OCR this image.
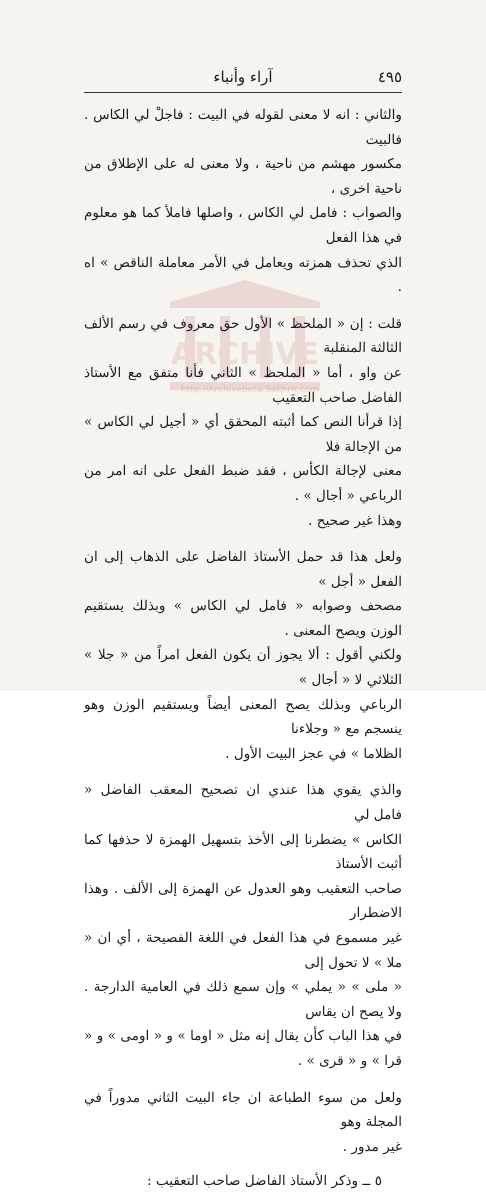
ARCHIVE
http://Archivebeta.Sakhrit.com
٤٩٥
آراء وأنباء
والثاني : انه لا معنى لقوله في البيت : فاجلْ لي الكاس . فالبيت
مكسور مهشم من ناحية ، ولا معنى له على الإطلاق من ناحية اخرى ،
والصواب : فامل لي الكاس ، واصلها فاملأ كما هو معلوم في هذا الفعل
الذي تحذف همزته ويعامل في الأمر معاملة الناقص » اه .
قلت : إن « الملحظ » الأول حق معروف في رسم الألف الثالثة المنقلبة
عن واو ، أما « الملحظ » الثاني فأنا متفق مع الأستاذ الفاضل صاحب التعقيب
إذا قرأنا النص كما أثبته المحقق أي « أجيل لي الكاس » من الإجالة فلا
معنى لإجالة الكأس ، فقد ضبط الفعل على انه امر من الرباعي « أجال » .
وهذا غير صحيح .
ولعل هذا قد حمل الأستاذ الفاضل على الذهاب إلى ان الفعل « أجل »
مصحف وصوابه « فامل لي الكاس » وبذلك يستقيم الوزن ويصح المعنى .
ولكني أقول : ألا يجوز أن يكون الفعل امراً من « جلا » الثلاثي لا « أجال »
الرباعي وبذلك يصح المعنى أيضاً ويستقيم الوزن وهو ينسجم مع « وجلاءنا
الظلاما » في عجز البيت الأول .
والذي يقوي هذا عندي ان تصحيح المعقب الفاضل « فامل لي
الكاس » يضطرنا إلى الأخذ بتسهيل الهمزة لا حذفها كما أثبت الأستاذ
صاحب التعقيب وهو العدول عن الهمزة إلى الألف . وهذا الاضطرار
غير مسموع في هذا الفعل في اللغة الفصيحة ، أي ان « ملا » لا تحول إلى
« ملى » « يملي » وإن سمع ذلك في العامية الدارجة . ولا يصح ان يقاس
في هذا الباب كأن يقال إنه مثل « اوما » و « اومى » و « قرا » و « قرى » .
ولعل من سوء الطباعة ان جاء البيت الثاني مدوراً في المجلة وهو
غير مدور .
٥ ــ وذكر الأستاذ الفاضل صاحب التعقيب :
